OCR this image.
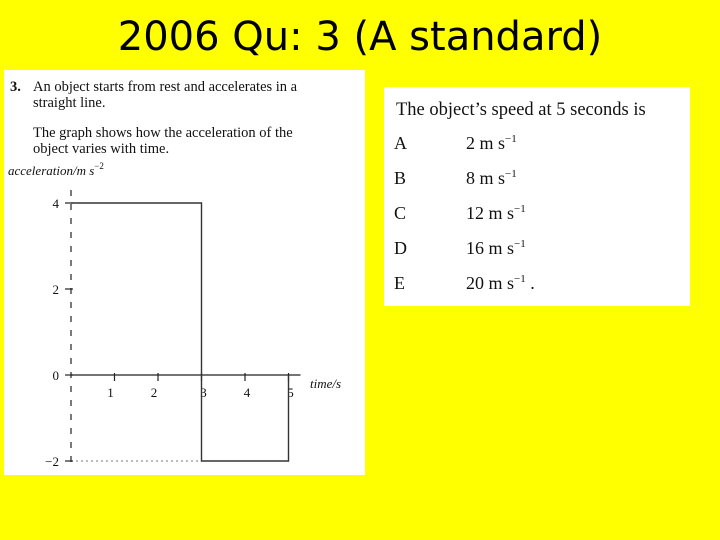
2006 Qu: 3 (A standard)
3. An object starts from rest and accelerates in a
straight line.
The graph shows how the acceleration of the
object varies with time.
acceleration/m $s^{-2}$
4
2
0
−2
1	2	3	4	5
time/s
The object’s speed at 5 seconds is
A	2 m $s^{-1}$
B	8 m $s^{-1}$
C	12 m $s^{-1}$
D	16 m $s^{-1}$
E	20 m $s^{-1}$ .
